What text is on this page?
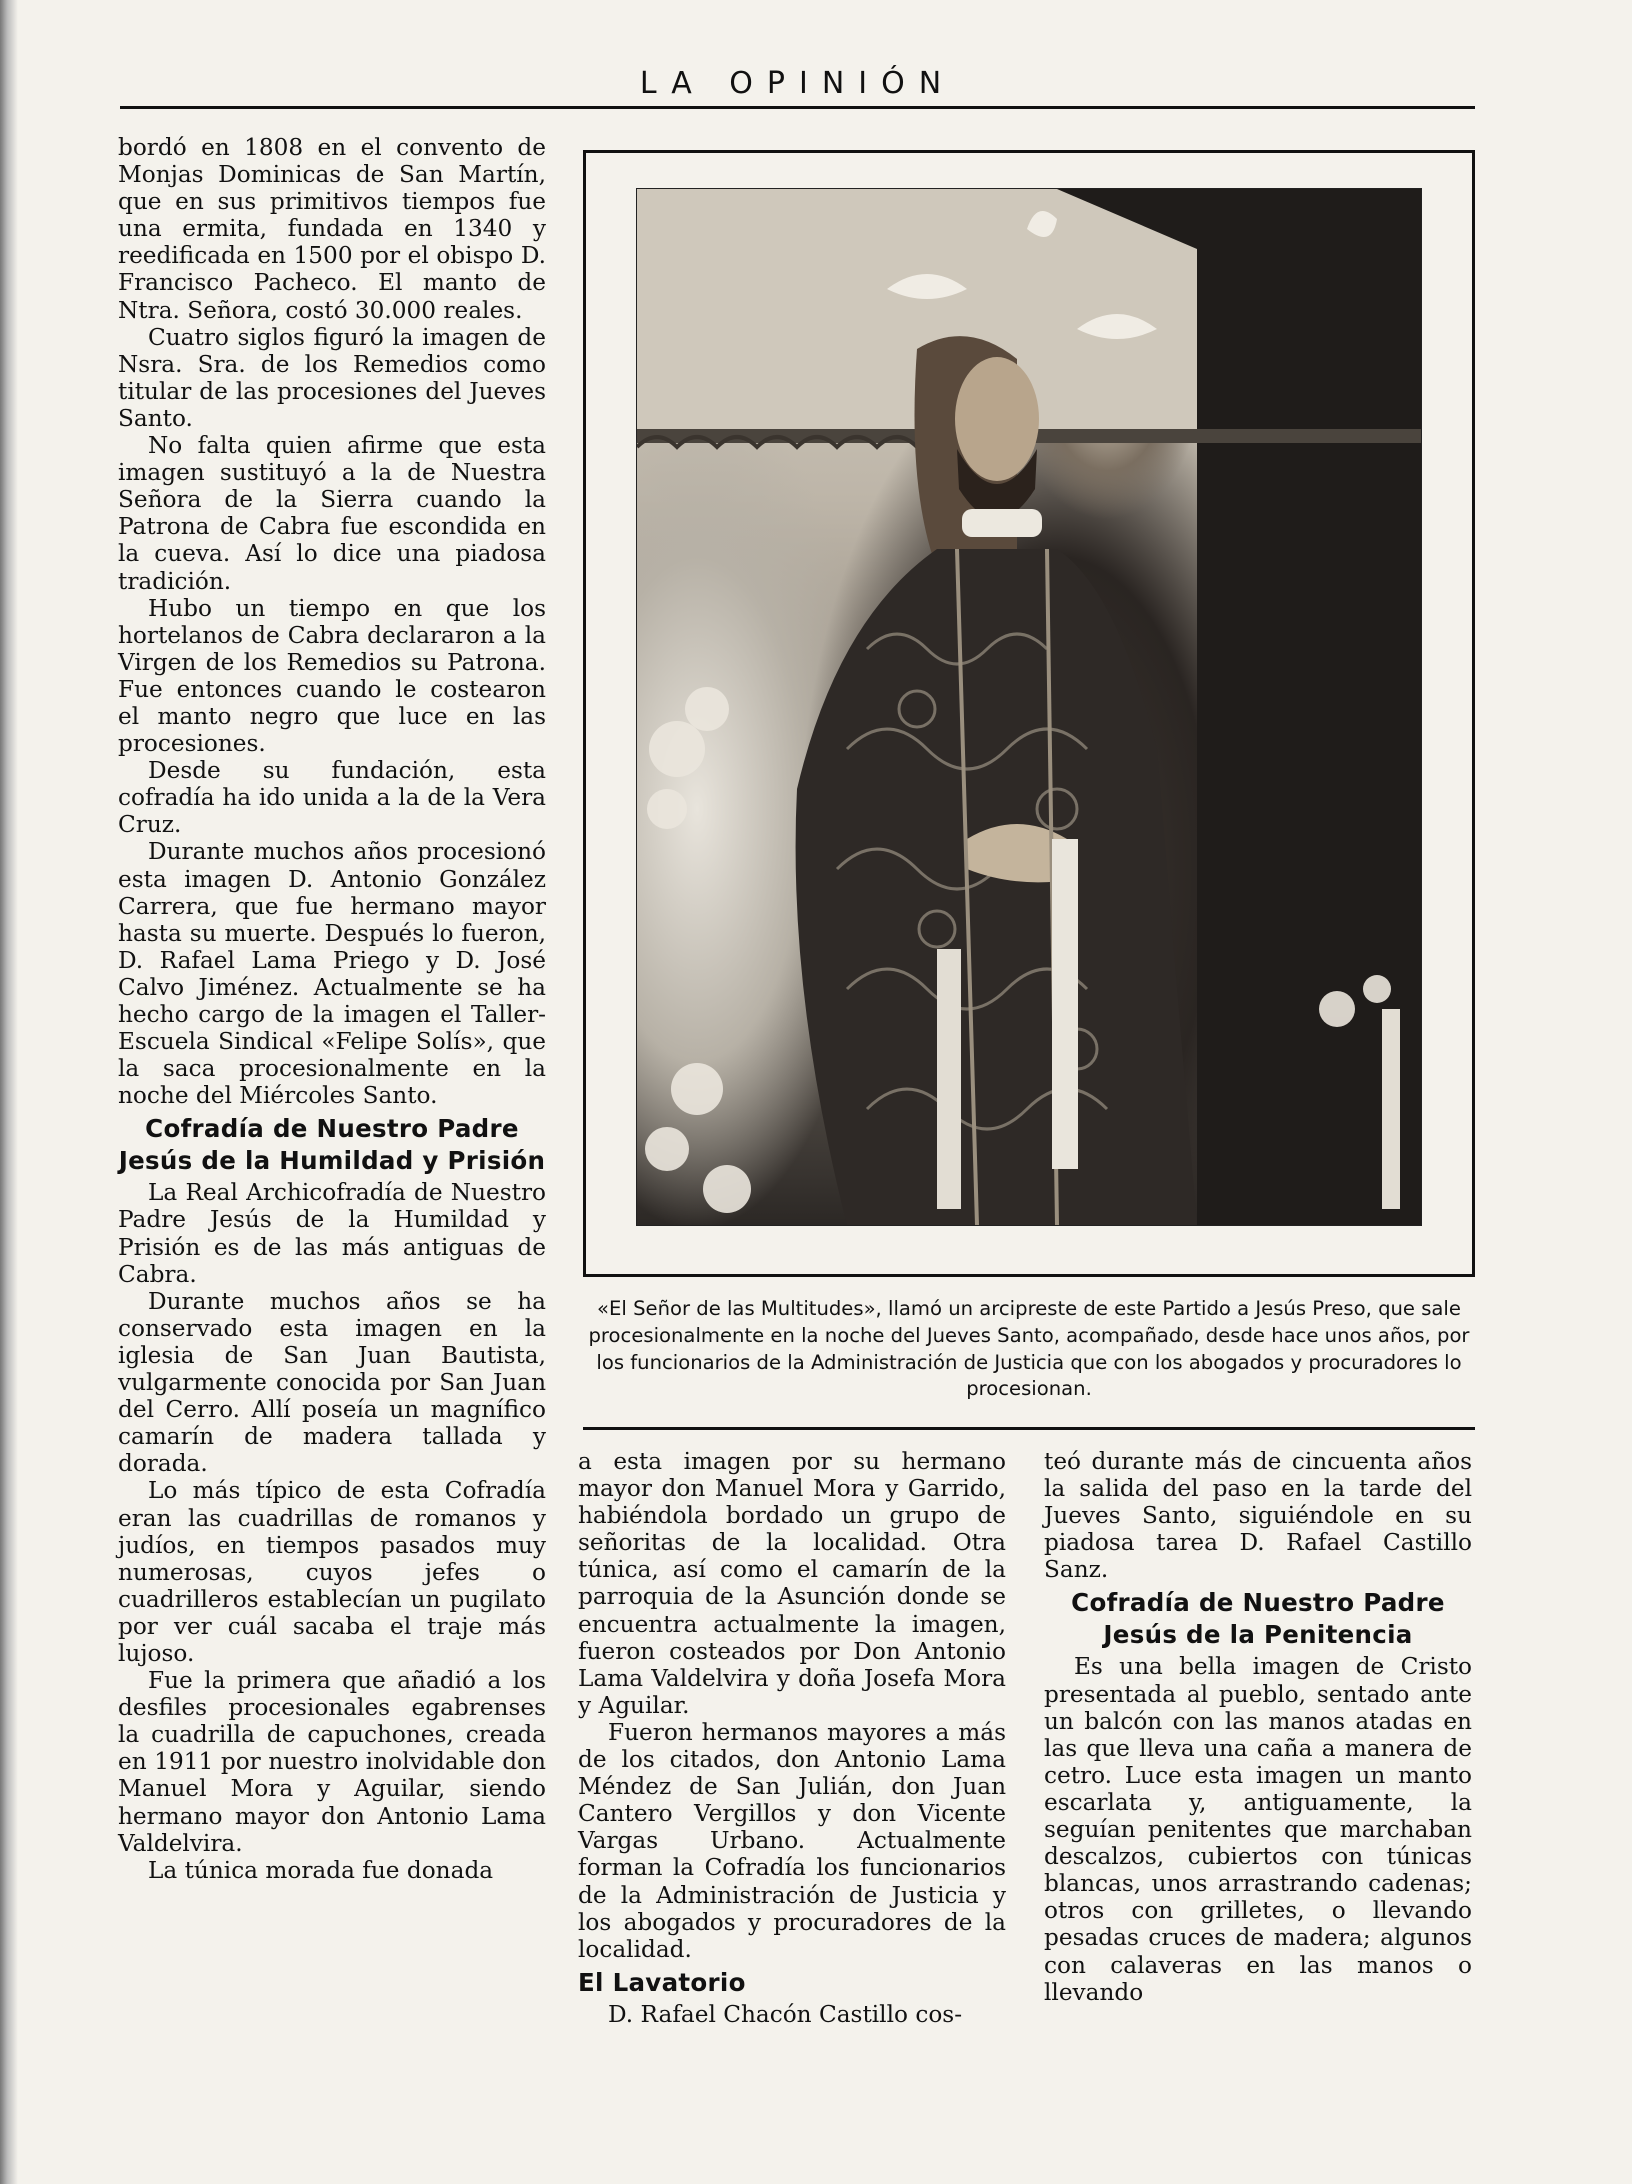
LA OPINIÓN

bordó en 1808 en el convento de Monjas Dominicas de San Martín, que en sus primitivos tiempos fue una ermita, fundada en 1340 y reedificada en 1500 por el obispo D. Francisco Pacheco. El manto de Ntra. Señora, costó 30.000 reales.

Cuatro siglos figuró la imagen de Nsra. Sra. de los Remedios como titular de las procesiones del Jueves Santo.

No falta quien afirme que esta imagen sustituyó a la de Nuestra Señora de la Sierra cuando la Patrona de Cabra fue escondida en la cueva. Así lo dice una piadosa tradición.

Hubo un tiempo en que los hortelanos de Cabra declararon a la Virgen de los Remedios su Patrona. Fue entonces cuando le costearon el manto negro que luce en las procesiones.

Desde su fundación, esta cofradía ha ido unida a la de la Vera Cruz.

Durante muchos años procesionó esta imagen D. Antonio González Carrera, que fue hermano mayor hasta su muerte. Después lo fueron, D. Rafael Lama Priego y D. José Calvo Jiménez. Actualmente se ha hecho cargo de la imagen el Taller-Escuela Sindical «Felipe Solís», que la saca procesionalmente en la noche del Miércoles Santo.

Cofradía de Nuestro Padre Jesús de la Humildad y Prisión

La Real Archicofradía de Nuestro Padre Jesús de la Humildad y Prisión es de las más antiguas de Cabra.

Durante muchos años se ha conservado esta imagen en la iglesia de San Juan Bautista, vulgarmente conocida por San Juan del Cerro. Allí poseía un magnífico camarín de madera tallada y dorada.

Lo más típico de esta Cofradía eran las cuadrillas de romanos y judíos, en tiempos pasados muy numerosas, cuyos jefes o cuadrilleros establecían un pugilato por ver cuál sacaba el traje más lujoso.

Fue la primera que añadió a los desfiles procesionales egabrenses la cuadrilla de capuchones, creada en 1911 por nuestro inolvidable don Manuel Mora y Aguilar, siendo hermano mayor don Antonio Lama Valdelvira.

La túnica morada fue donada

«El Señor de las Multitudes», llamó un arcipreste de este Partido a Jesús Preso, que sale procesionalmente en la noche del Jueves Santo, acompañado, desde hace unos años, por los funcionarios de la Administración de Justicia que con los abogados y procuradores lo procesionan.

a esta imagen por su hermano mayor don Manuel Mora y Garrido, habiéndola bordado un grupo de señoritas de la localidad. Otra túnica, así como el camarín de la parroquia de la Asunción donde se encuentra actualmente la imagen, fueron costeados por Don Antonio Lama Valdelvira y doña Josefa Mora y Aguilar.

Fueron hermanos mayores a más de los citados, don Antonio Lama Méndez de San Julián, don Juan Cantero Vergillos y don Vicente Vargas Urbano. Actualmente forman la Cofradía los funcionarios de la Administración de Justicia y los abogados y procuradores de la localidad.

El Lavatorio

D. Rafael Chacón Castillo cos-

teó durante más de cincuenta años la salida del paso en la tarde del Jueves Santo, siguiéndole en su piadosa tarea D. Rafael Castillo Sanz.

Cofradía de Nuestro Padre Jesús de la Penitencia

Es una bella imagen de Cristo presentada al pueblo, sentado ante un balcón con las manos atadas en las que lleva una caña a manera de cetro. Luce esta imagen un manto escarlata y, antiguamente, la seguían penitentes que marchaban descalzos, cubiertos con túnicas blancas, unos arrastrando cadenas; otros con grilletes, o llevando pesadas cruces de madera; algunos con calaveras en las manos o llevando
